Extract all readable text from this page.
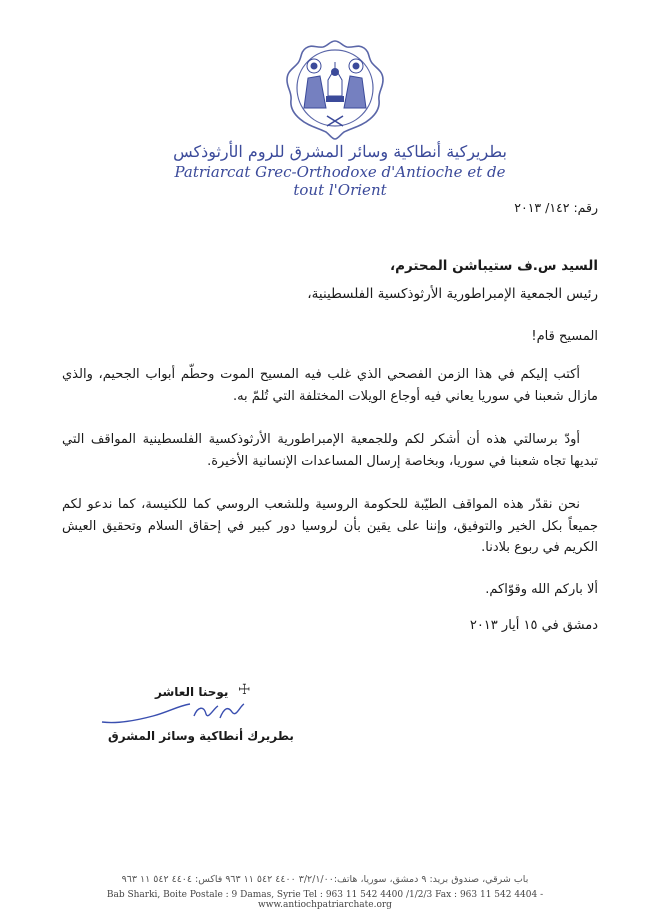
بطريركية أنطاكية وسائر المشرق للروم الأرثوذكس
Patriarcat Grec-Orthodoxe d'Antioche et de tout l'Orient
رقم: ١٤٢/ ٢٠١٣
السيد س.ف ستيباشن المحترم،
رئيس الجمعية الإمبراطورية الأرثوذكسية الفلسطينية،
المسيح قام!
أكتب إليكم في هذا الزمن الفصحي الذي غلب فيه المسيح الموت وحطّم أبواب الجحيم، والذي مازال شعبنا في سوريا يعاني فيه أوجاع الويلات المختلفة التي تُلمّ به.
أودّ برسالتي هذه أن أشكر لكم وللجمعية الإمبراطورية الأرثوذكسية الفلسطينية المواقف التي تبديها تجاه شعبنا في سوريا، وبخاصة إرسال المساعدات الإنسانية الأخيرة.
نحن نقدّر هذه المواقف الطيّبة للحكومة الروسية وللشعب الروسي كما للكنيسة، كما ندعو لكم جميعاً بكل الخير والتوفيق، وإننا على يقين بأن لروسيا دور كبير في إحقاق السلام وتحقيق العيش الكريم في ربوع بلادنا.
ألا باركم الله وقوّاكم.
دمشق في ١٥ أيار ٢٠١٣
☩
يوحنا العاشر
بطريرك أنطاكية وسائر المشرق
باب شرقي، صندوق بريد: ٩ دمشق، سوريا، هاتف:٣/٢/١/٠٠ ٤٤٠٠ ٥٤٢ ١١ ٩٦٣ فاكس: ٤٤٠٤ ٥٤٢ ١١ ٩٦٣
Bab Sharki, Boite Postale : 9 Damas, Syrie Tel : 963 11 542 4400 /1/2/3 Fax : 963 11 542 4404 - www.antiochpatriarchate.org
